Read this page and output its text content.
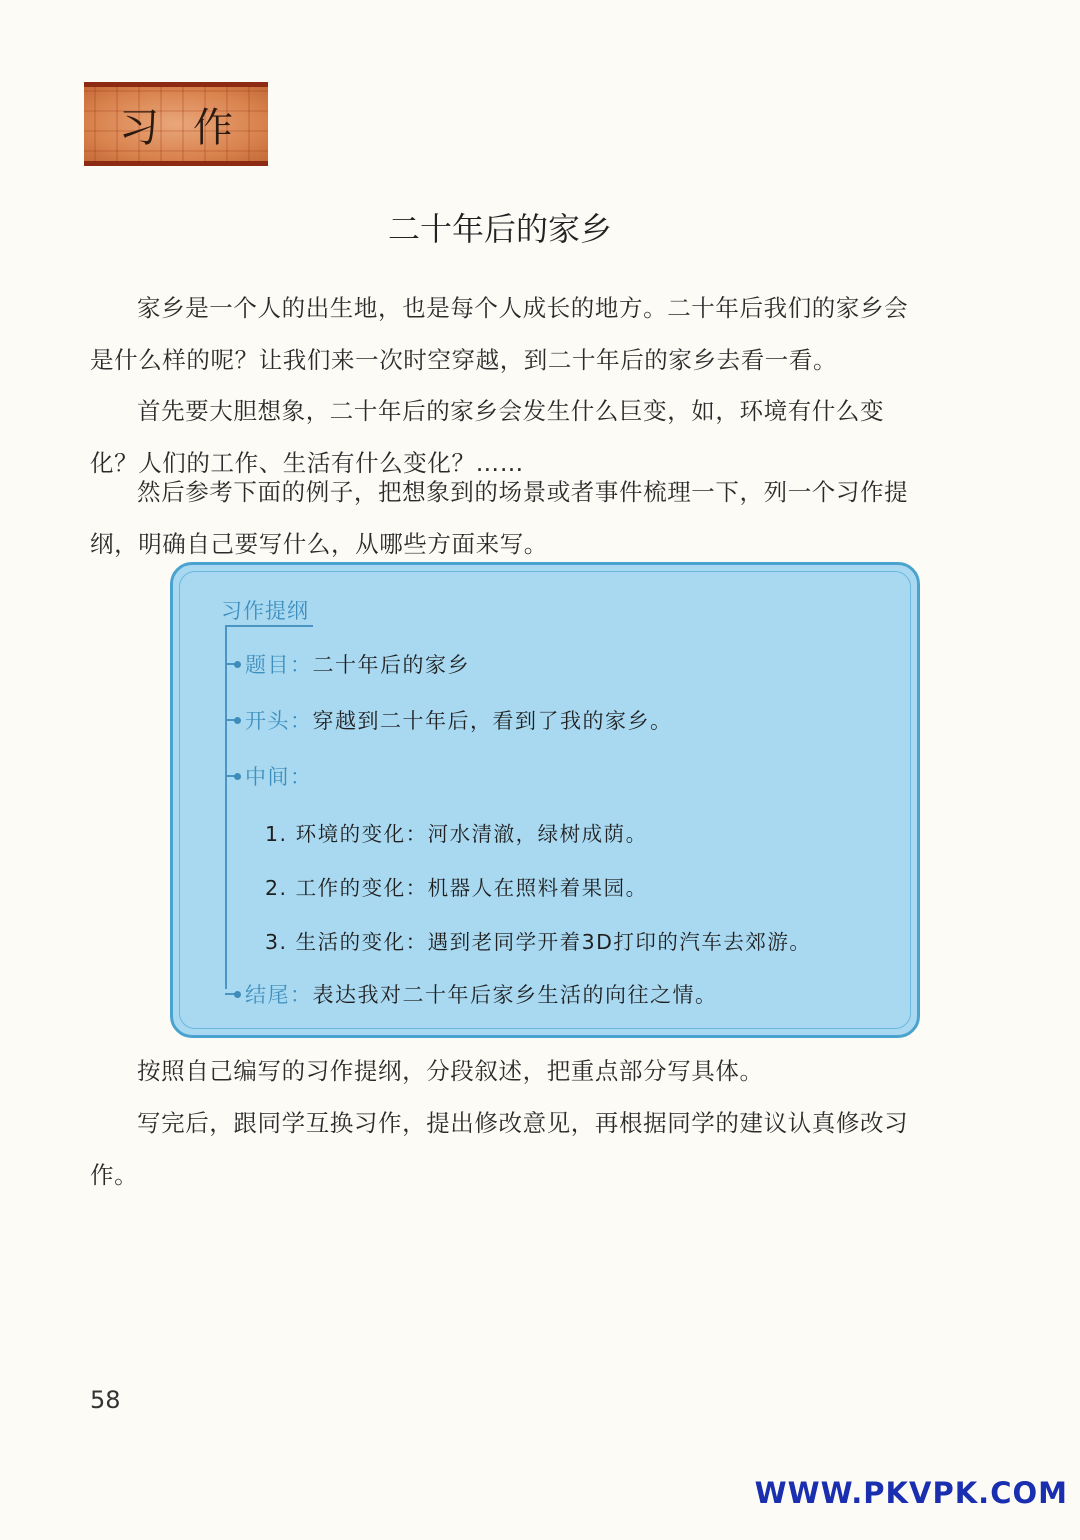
习 作
二十年后的家乡
家乡是一个人的出生地，也是每个人成长的地方。二十年后我们的家乡会是什么样的呢？让我们来一次时空穿越，到二十年后的家乡去看一看。
首先要大胆想象，二十年后的家乡会发生什么巨变，如，环境有什么变化？人们的工作、生活有什么变化？……
然后参考下面的例子，把想象到的场景或者事件梳理一下，列一个习作提纲，明确自己要写什么，从哪些方面来写。
习作提纲
题目： 二十年后的家乡
开头： 穿越到二十年后，看到了我的家乡。
中间：
1. 环境的变化：河水清澈，绿树成荫。
2. 工作的变化：机器人在照料着果园。
3. 生活的变化：遇到老同学开着3D打印的汽车去郊游。
结尾： 表达我对二十年后家乡生活的向往之情。
按照自己编写的习作提纲，分段叙述，把重点部分写具体。
写完后，跟同学互换习作，提出修改意见，再根据同学的建议认真修改习作。
58
WWW.PKVPK.COM
